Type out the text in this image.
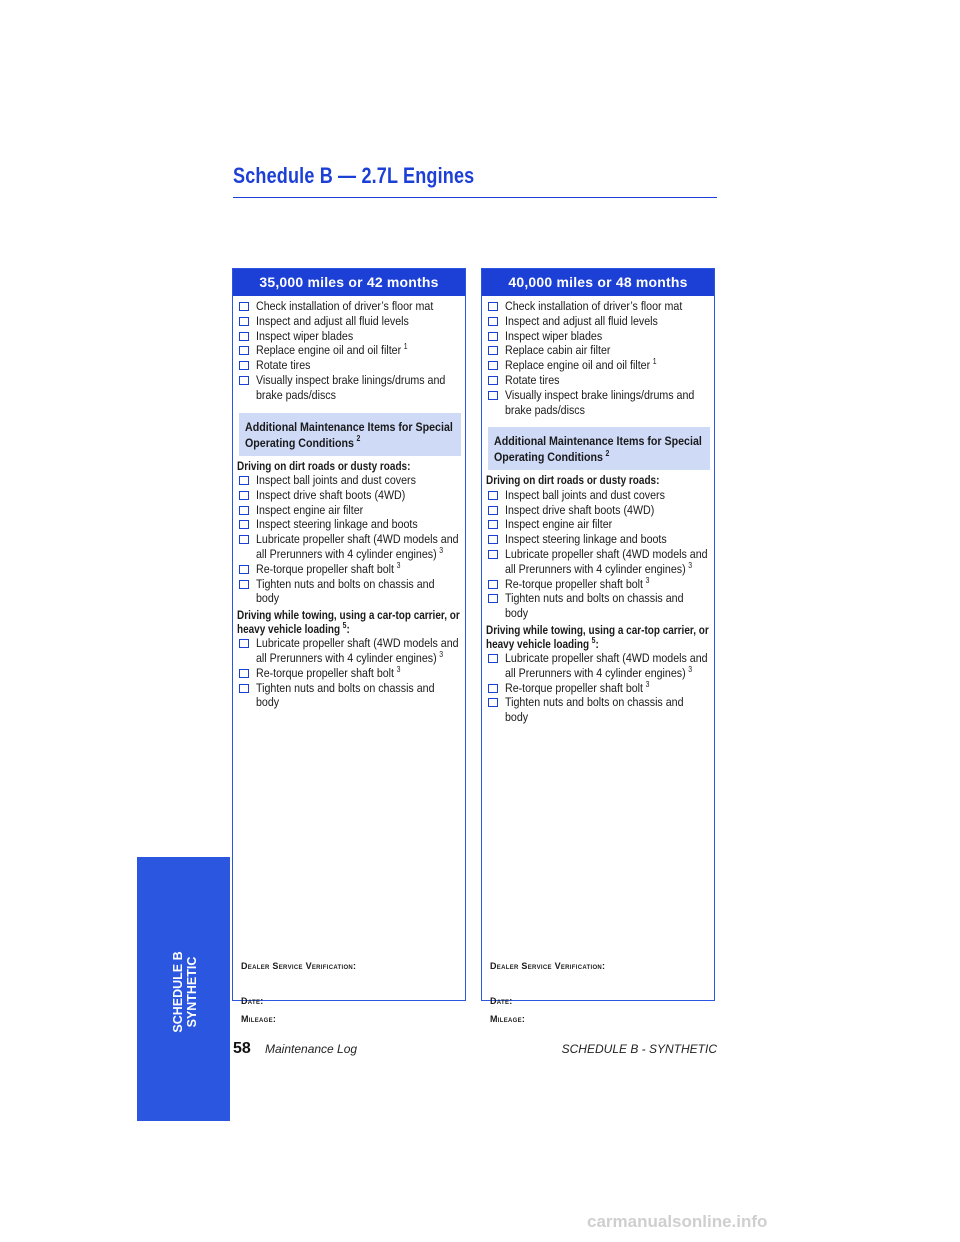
Schedule B — 2.7L Engines
SCHEDULE B SYNTHETIC
35,000 miles or 42 months
Check installation of driver’s floor mat
Inspect and adjust all fluid levels
Inspect wiper blades
Replace engine oil and oil filter $^1$
Rotate tires
Visually inspect brake linings/drums and brake pads/discs
Additional Maintenance Items for Special Operating Conditions $^2$
Driving on dirt roads or dusty roads:
Inspect ball joints and dust covers
Inspect drive shaft boots (4WD)
Inspect engine air filter
Inspect steering linkage and boots
Lubricate propeller shaft (4WD models and all Prerunners with 4 cylinder engines) $^3$
Re-torque propeller shaft bolt $^3$
Tighten nuts and bolts on chassis and body
Driving while towing, using a car-top carrier, or heavy vehicle loading $^5$:
Lubricate propeller shaft (4WD models and all Prerunners with 4 cylinder engines) $^3$
Re-torque propeller shaft bolt $^3$
Tighten nuts and bolts on chassis and body
Dealer Service Verification:
Date:
Mileage:
40,000 miles or 48 months
Check installation of driver’s floor mat
Inspect and adjust all fluid levels
Inspect wiper blades
Replace cabin air filter
Replace engine oil and oil filter $^1$
Rotate tires
Visually inspect brake linings/drums and brake pads/discs
Additional Maintenance Items for Special Operating Conditions $^2$
Driving on dirt roads or dusty roads:
Inspect ball joints and dust covers
Inspect drive shaft boots (4WD)
Inspect engine air filter
Inspect steering linkage and boots
Lubricate propeller shaft (4WD models and all Prerunners with 4 cylinder engines) $^3$
Re-torque propeller shaft bolt $^3$
Tighten nuts and bolts on chassis and body
Driving while towing, using a car-top carrier, or heavy vehicle loading $^5$:
Lubricate propeller shaft (4WD models and all Prerunners with 4 cylinder engines) $^3$
Re-torque propeller shaft bolt $^3$
Tighten nuts and bolts on chassis and body
Dealer Service Verification:
Date:
Mileage:
58 Maintenance Log	SCHEDULE B - SYNTHETIC
carmanualsonline.info
